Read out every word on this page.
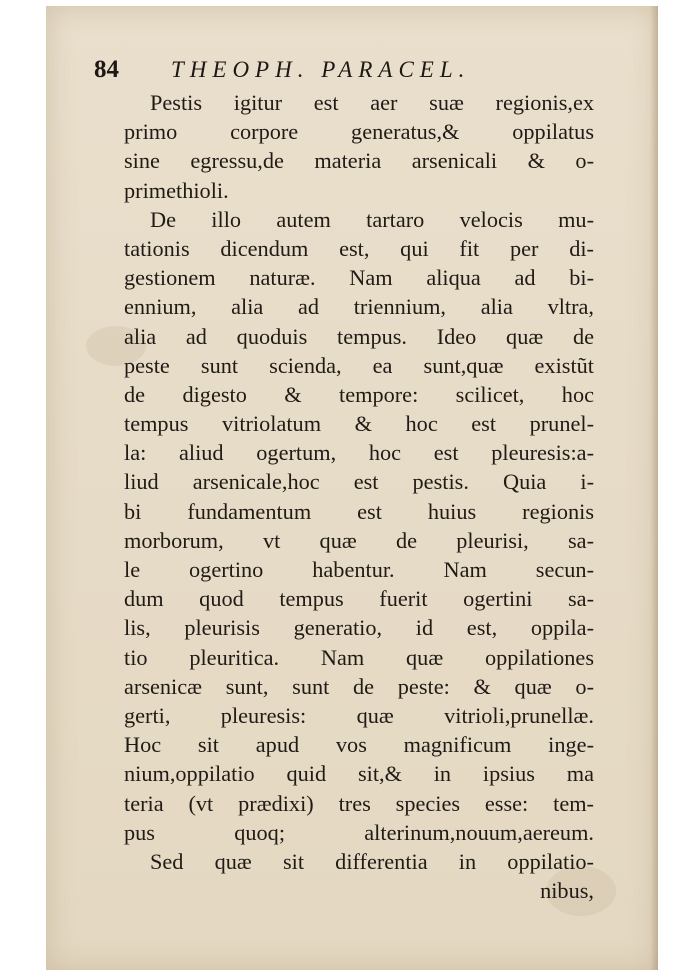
84 THEOPH. PARACEL.
Pestis igitur est aer suæ regionis,ex
primo corpore generatus,& oppilatus
sine egressu,de materia arsenicali & o-
primethioli.
De illo autem tartaro velocis mu-
tationis dicendum est, qui fit per di-
gestionem naturæ. Nam aliqua ad bi-
ennium, alia ad triennium, alia vltra,
alia ad quoduis tempus. Ideo quæ de
peste sunt scienda, ea sunt,quæ existũt
de digesto & tempore: scilicet, hoc
tempus vitriolatum & hoc est prunel-
la: aliud ogertum, hoc est pleuresis:a-
liud arsenicale,hoc est pestis. Quia i-
bi fundamentum est huius regionis
morborum, vt quæ de pleurisi, sa-
le ogertino habentur. Nam secun-
dum quod tempus fuerit ogertini sa-
lis, pleurisis generatio, id est, oppila-
tio pleuritica. Nam quæ oppilationes
arsenicæ sunt, sunt de peste: & quæ o-
gerti, pleuresis: quæ vitrioli,prunellæ.
Hoc sit apud vos magnificum inge-
nium,oppilatio quid sit,& in ipsius ma
teria (vt prædixi) tres species esse: tem-
pus quoq; alterinum,nouum,aereum.
Sed quæ sit differentia in oppilatio-
nibus,
